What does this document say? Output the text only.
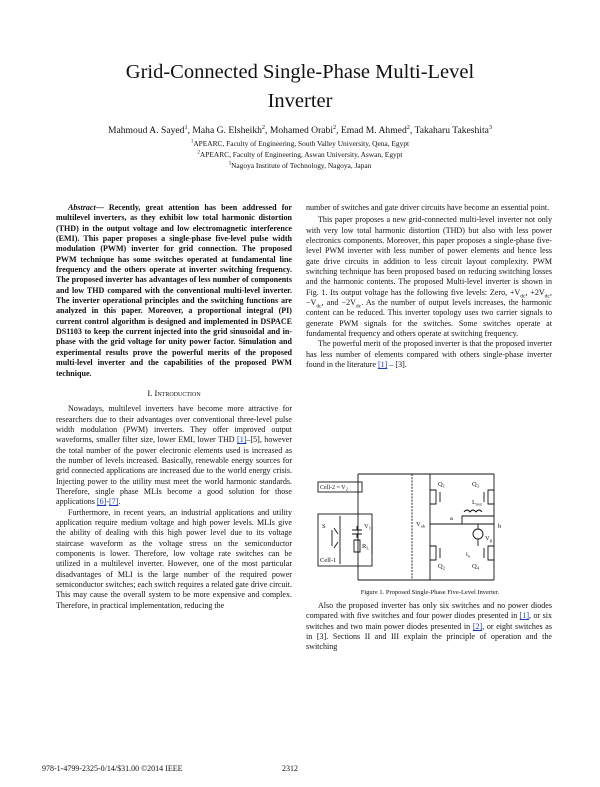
Grid-Connected Single-Phase Multi-Level
Inverter
Mahmoud A. Sayed$^1$, Maha G. Elsheikh$^2$, Mohamed Orabi$^2$, Emad M. Ahmed$^2$, Takaharu Takeshita$^3$
$^1$APEARC, Faculty of Engineering, South Valley University, Qena, Egypt
$^2$APEARC, Faculty of Engineering, Aswan University, Aswan, Egypt
$^3$Nagoya Institute of Technology, Nagoya, Japan

Abstract— Recently, great attention has been addressed for multilevel inverters, as they exhibit low total harmonic distortion (THD) in the output voltage and low electromagnetic interference (EMI). This paper proposes a single-phase five-level pulse width modulation (PWM) inverter for grid connection. The proposed PWM technique has some switches operated at fundamental line frequency and the others operate at inverter switching frequency. The proposed inverter has advantages of less number of components and low THD compared with the conventional multi-level inverter. The inverter operational principles and the switching functions are analyzed in this paper. Moreover, a proportional integral (PI) current control algorithm is designed and implemented in DSPACE DS1103 to keep the current injected into the grid sinusoidal and in-phase with the grid voltage for unity power factor. Simulation and experimental results prove the powerful merits of the proposed multi-level inverter and the capabilities of the proposed PWM technique.

I. Introduction

Nowadays, multilevel inverters have become more attractive for researchers due to their advantages over conventional three-level pulse width modulation (PWM) inverters. They offer improved output waveforms, smaller filter size, lower EMI, lower THD [1]–[5], however the total number of the power electronic elements used is increased as the number of levels increased. Basically, renewable energy sources for grid connected applications are increased due to the world energy crisis. Injecting power to the utility must meet the world harmonic standards. Therefore, single phase MLIs become a good solution for those applications [6]-[7].

Furthermore, in recent years, an industrial applications and utility application require medium voltage and high power levels. MLIs give the ability of dealing with this high power level due to its voltage staircase waveform as the voltage stress on the semiconductor components is lower. Therefore, low voltage rate switches can be utilized in a multilevel inverter. However, one of the most particular disadvantages of MLI is the large number of the required power semiconductor switches; each switch requires a related gate drive circuit. This may cause the overall system to be more expensive and complex. Therefore, in practical implementation, reducing the

number of switches and gate driver circuits have become an essential point.

This paper proposes a new grid-connected multi-level inverter not only with very low total harmonic distortion (THD) but also with less power electronics components. Moreover, this paper proposes a single-phase five-level PWM inverter with less number of power elements and hence less gate drive circuits in addition to less circuit layout complexity. PWM switching technique has been proposed based on reducing switching losses and the harmonic contents. The proposed Multi-level inverter is shown in Fig. 1. Its output voltage has the following five levels: Zero, $+V_{dc}$, $+2V_{dc}$, $-V_{dc}$, and $-2V_{dc}$. As the number of output levels increases, the harmonic content can be reduced. This inverter topology uses two carrier signals to generate PWM signals for the switches. Some switches operate at fundamental frequency and others operate at switching frequency.

The powerful merit of the proposed inverter is that the proposed inverter has less number of elements compared with others single-phase inverter found in the literature [1] – [3].

$Q_1$	$Q_3$
$Q_2$	$Q_4$
Cell-2 = $V_2$
S	$V_1$
$R_L$
Cell-1
$V_{ab}$
a
b
$L_{out}$
$V_g$
$i_o$
Figure 1. Proposed Single-Phase Five-Level Inverter.

Also the proposed inverter has only six switches and no power diodes compared with five switches and four power diodes presented in [1], or six switches and two main power diodes presented in [2], or eight switches as in [3]. Sections II and III explain the principle of operation and the switching

978-1-4799-2325-0/14/$31.00 ©2014 IEEE	2312
